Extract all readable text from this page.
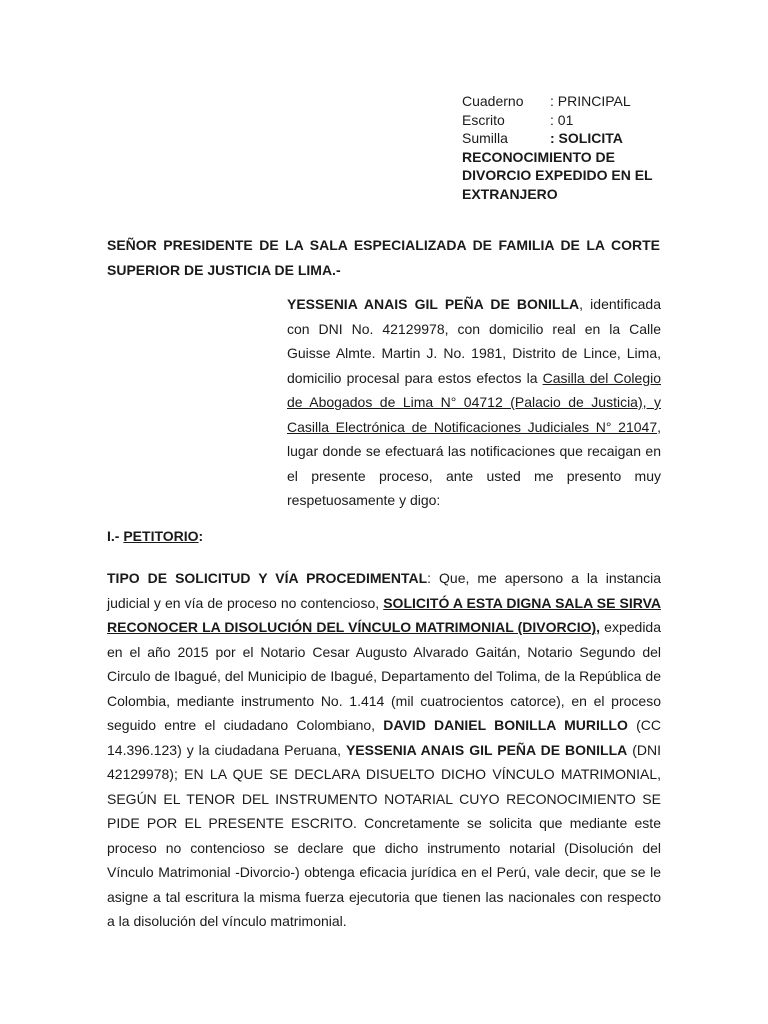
Cuaderno	: PRINCIPAL
Escrito	: 01
Sumilla	: SOLICITA
RECONOCIMIENTO DE DIVORCIO EXPEDIDO EN EL EXTRANJERO
SEÑOR PRESIDENTE DE LA SALA ESPECIALIZADA DE FAMILIA DE LA CORTE SUPERIOR DE JUSTICIA DE LIMA.-
YESSENIA ANAIS GIL PEÑA DE BONILLA, identificada con DNI No. 42129978, con domicilio real en la Calle Guisse Almte. Martin J. No. 1981, Distrito de Lince, Lima, domicilio procesal para estos efectos la Casilla del Colegio de Abogados de Lima N° 04712 (Palacio de Justicia), y Casilla Electrónica de Notificaciones Judiciales N° 21047, lugar donde se efectuará las notificaciones que recaigan en el presente proceso, ante usted me presento muy respetuosamente y digo:
I.- PETITORIO:
TIPO DE SOLICITUD Y VÍA PROCEDIMENTAL: Que, me apersono a la instancia judicial y en vía de proceso no contencioso, SOLICITÓ A ESTA DIGNA SALA SE SIRVA RECONOCER LA DISOLUCIÓN DEL VÍNCULO MATRIMONIAL (DIVORCIO), expedida en el año 2015 por el Notario Cesar Augusto Alvarado Gaitán, Notario Segundo del Circulo de Ibagué, del Municipio de Ibagué, Departamento del Tolima, de la República de Colombia, mediante instrumento No. 1.414 (mil cuatrocientos catorce), en el proceso seguido entre el ciudadano Colombiano, DAVID DANIEL BONILLA MURILLO (CC 14.396.123) y la ciudadana Peruana, YESSENIA ANAIS GIL PEÑA DE BONILLA (DNI 42129978); EN LA QUE SE DECLARA DISUELTO DICHO VÍNCULO MATRIMONIAL, SEGÚN EL TENOR DEL INSTRUMENTO NOTARIAL CUYO RECONOCIMIENTO SE PIDE POR EL PRESENTE ESCRITO. Concretamente se solicita que mediante este proceso no contencioso se declare que dicho instrumento notarial (Disolución del Vínculo Matrimonial -Divorcio-) obtenga eficacia jurídica en el Perú, vale decir, que se le asigne a tal escritura la misma fuerza ejecutoria que tienen las nacionales con respecto a la disolución del vínculo matrimonial.
